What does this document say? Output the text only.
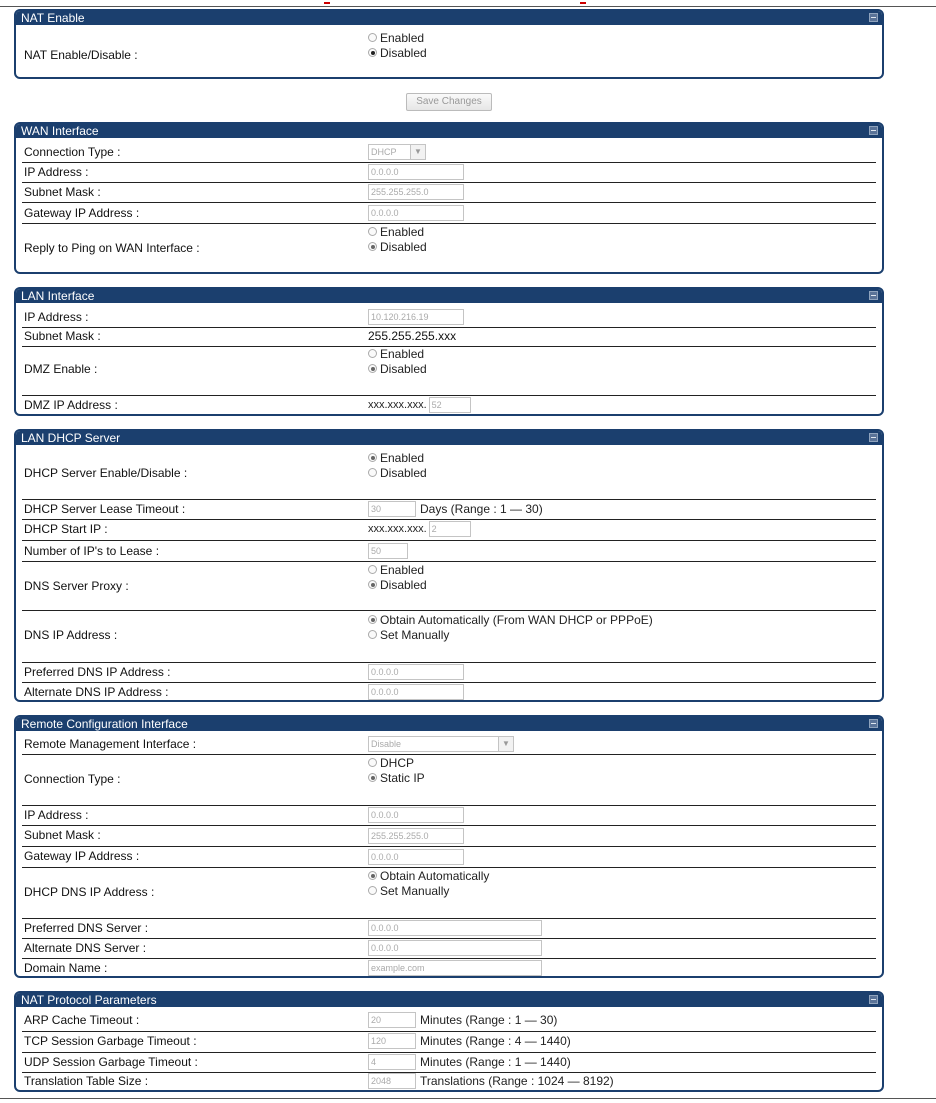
NAT Enable
NAT Enable/Disable :
Enabled
Disabled
Save Changes
WAN Interface
Connection Type :	DHCP	▼
IP Address :	0.0.0.0
Subnet Mask :	255.255.255.0
Gateway IP Address :	0.0.0.0
Reply to Ping on WAN Interface :
Enabled
Disabled
LAN Interface
IP Address :	10.120.216.19
Subnet Mask :	255.255.255.xxx
DMZ Enable :
Enabled
Disabled
DMZ IP Address :	xxx.xxx.xxx. 52
LAN DHCP Server
DHCP Server Enable/Disable :
Enabled
Disabled
DHCP Server Lease Timeout :	30	Days (Range : 1 — 30)
DHCP Start IP :	xxx.xxx.xxx. 2
Number of IP's to Lease :	50
DNS Server Proxy :
Enabled
Disabled
DNS IP Address :
Obtain Automatically (From WAN DHCP or PPPoE)
Set Manually
Preferred DNS IP Address :	0.0.0.0
Alternate DNS IP Address :	0.0.0.0
Remote Configuration Interface
Remote Management Interface :	Disable	▼
Connection Type :
DHCP
Static IP
IP Address :	0.0.0.0
Subnet Mask :	255.255.255.0
Gateway IP Address :	0.0.0.0
DHCP DNS IP Address :
Obtain Automatically
Set Manually
Preferred DNS Server :	0.0.0.0
Alternate DNS Server :	0.0.0.0
Domain Name :	example.com
NAT Protocol Parameters
ARP Cache Timeout :	20	Minutes (Range : 1 — 30)
TCP Session Garbage Timeout :	120	Minutes (Range : 4 — 1440)
UDP Session Garbage Timeout :	4	Minutes (Range : 1 — 1440)
Translation Table Size :	2048 Translations (Range : 1024 — 8192)
